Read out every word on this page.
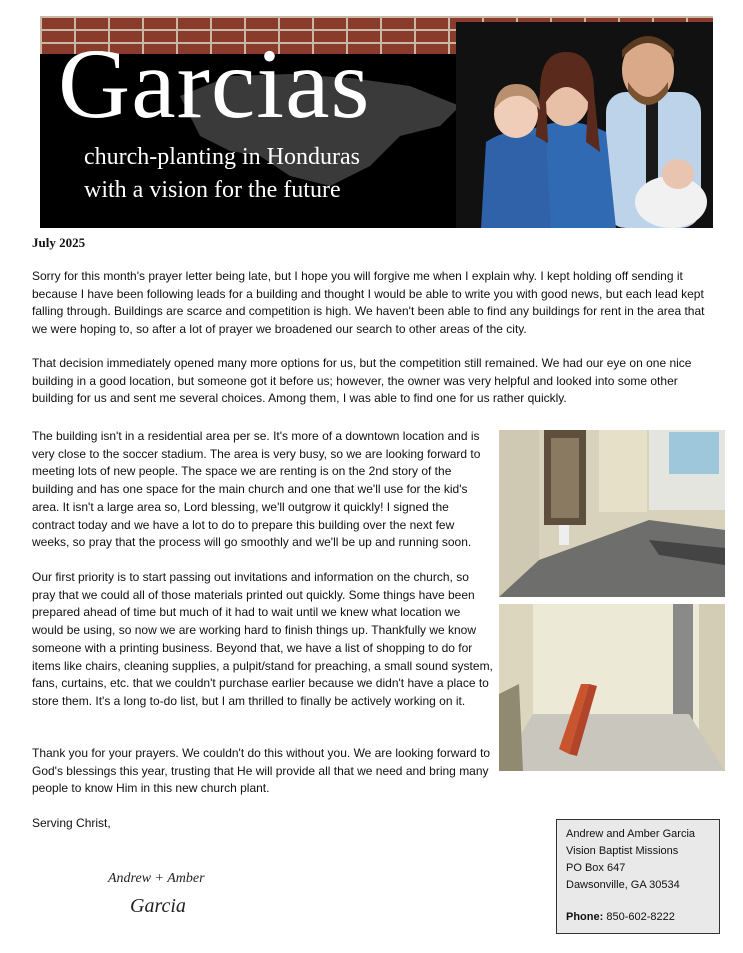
Garcias
church-planting in Honduras
with a vision for the future
July 2025

Sorry for this month's prayer letter being late, but I hope you will forgive me when I explain why. I kept holding off sending it because I have been following leads for a building and thought I would be able to write you with good news, but each lead kept falling through. Buildings are scarce and competition is high. We haven't been able to find any buildings for rent in the area that we were hoping to, so after a lot of prayer we broadened our search to other areas of the city.

That decision immediately opened many more options for us, but the competition still remained. We had our eye on one nice building in a good location, but someone got it before us; however, the owner was very helpful and looked into some other building for us and sent me several choices. Among them, I was able to find one for us rather quickly.

The building isn't in a residential area per se. It's more of a downtown location and is very close to the soccer stadium. The area is very busy, so we are looking forward to meeting lots of new people. The space we are renting is on the 2nd story of the building and has one space for the main church and one that we'll use for the kid's area. It isn't a large area so, Lord blessing, we'll outgrow it quickly! I signed the contract today and we have a lot to do to prepare this building over the next few weeks, so pray that the process will go smoothly and we'll be up and running soon.

Our first priority is to start passing out invitations and information on the church, so pray that we could all of those materials printed out quickly. Some things have been prepared ahead of time but much of it had to wait until we knew what location we would be using, so now we are working hard to finish things up. Thankfully we know someone with a printing business. Beyond that, we have a list of shopping to do for items like chairs, cleaning supplies, a pulpit/stand for preaching, a small sound system, fans, curtains, etc. that we couldn't purchase earlier because we didn't have a place to store them. It's a long to-do list, but I am thrilled to finally be actively working on it.

Thank you for your prayers. We couldn't do this without you. We are looking forward to God's blessings this year, trusting that He will provide all that we need and bring many people to know Him in this new church plant.

Serving Christ,
Andrew + Amber
Garcia
Andrew and Amber Garcia
Vision Baptist Missions
PO Box 647
Dawsonville, GA 30534
Phone: 850-602-8222
